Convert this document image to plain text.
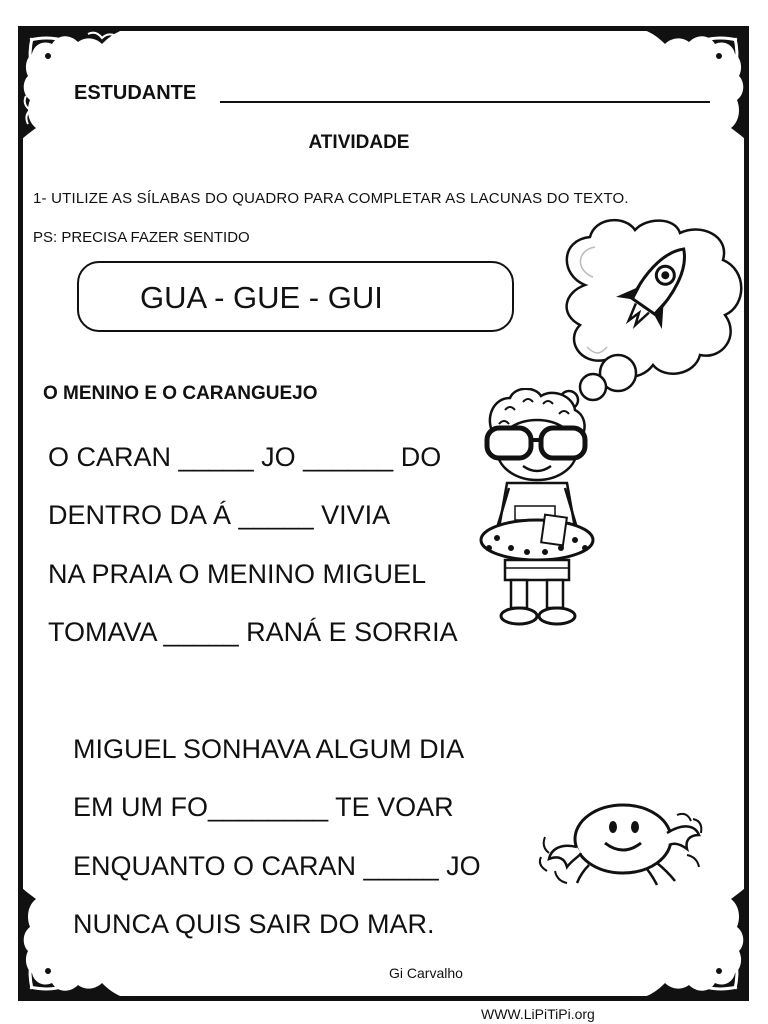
ESTUDANTE
ATIVIDADE
1- UTILIZE AS SÍLABAS DO QUADRO PARA COMPLETAR AS LACUNAS DO TEXTO.
PS: PRECISA FAZER SENTIDO
GUA - GUE - GUI
O MENINO E O CARANGUEJO
O CARAN _____ JO ______ DO
DENTRO DA Á _____ VIVIA
NA PRAIA O MENINO MIGUEL
TOMAVA _____ RANÁ E SORRIA
MIGUEL SONHAVA ALGUM DIA
EM UM FO________ TE VOAR
ENQUANTO O CARAN _____ JO
NUNCA QUIS SAIR DO MAR.
Gi Carvalho
WWW.LiPiTiPi.org
